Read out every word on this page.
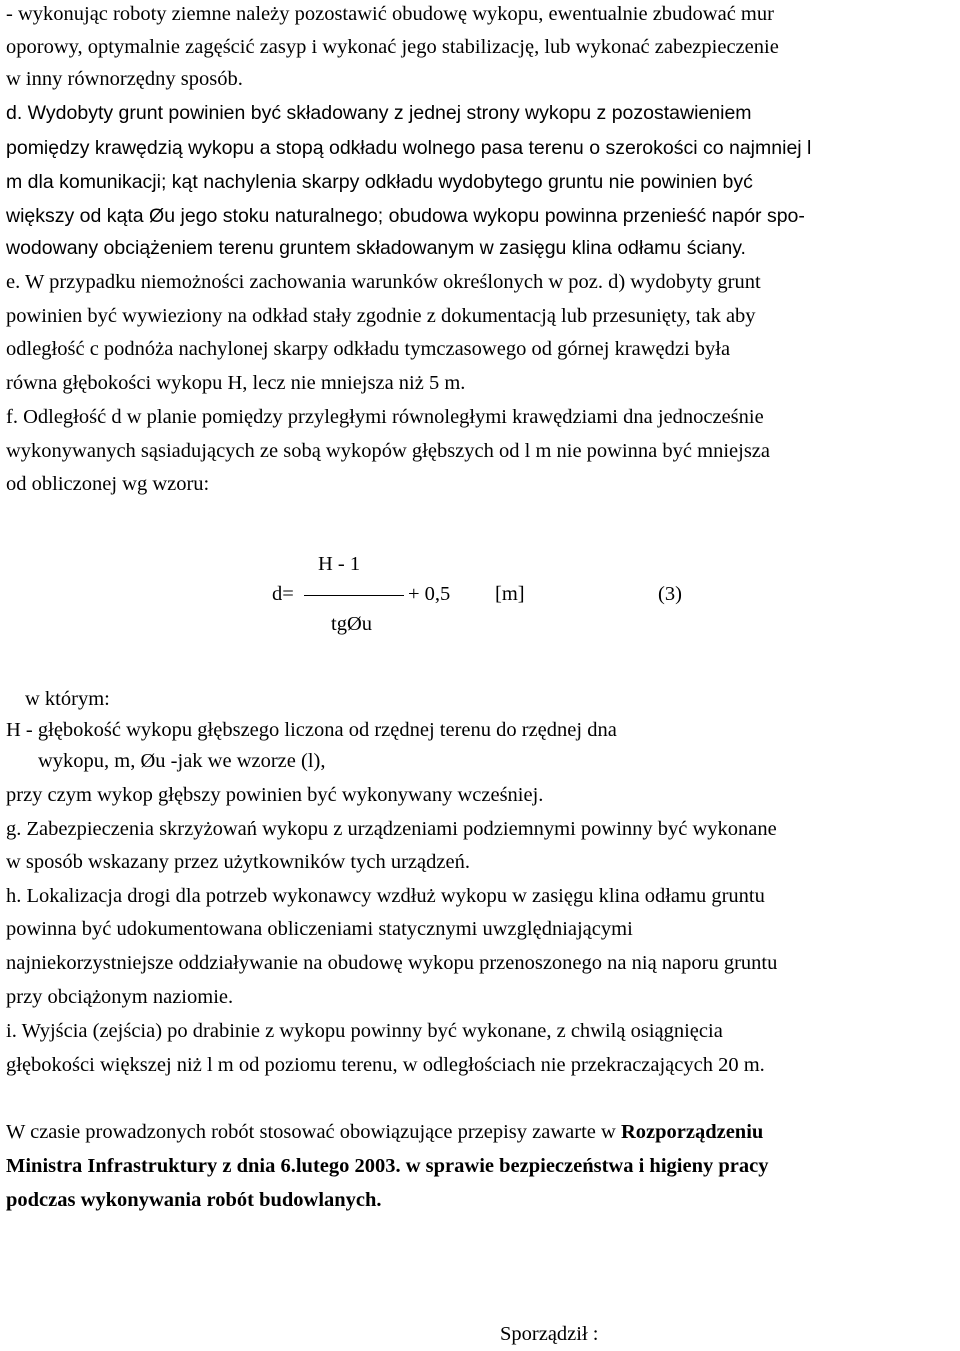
- wykonując roboty ziemne należy pozostawić obudowę wykopu, ewentualnie zbudować mur
oporowy, optymalnie zagęścić zasyp i wykonać jego stabilizację, lub wykonać zabezpieczenie
w inny równorzędny sposób.
d. Wydobyty grunt powinien być składowany z jednej strony wykopu z pozostawieniem
pomiędzy krawędzią wykopu a stopą odkładu wolnego pasa terenu o szerokości co najmniej l
m dla komunikacji; kąt nachylenia skarpy odkładu wydobytego gruntu nie powinien być
większy od kąta Øu jego stoku naturalnego; obudowa wykopu powinna przenieść napór spo-
wodowany obciążeniem terenu gruntem składowanym w zasięgu klina odłamu ściany.
e. W przypadku niemożności zachowania warunków określonych w poz. d) wydobyty grunt
powinien być wywieziony na odkład stały zgodnie z dokumentacją lub przesunięty, tak aby
odległość c podnóża nachylonej skarpy odkładu tymczasowego od górnej krawędzi była
równa głębokości wykopu H, lecz nie mniejsza niż 5 m.
f. Odległość d w planie pomiędzy przyległymi równoległymi krawędziami dna jednocześnie
wykonywanych sąsiadujących ze sobą wykopów głębszych od l m nie powinna być mniejsza
od obliczonej wg wzoru:
H - 1
d=	+ 0,5 [m]	(3)
tgØu
w którym:
H - głębokość wykopu głębszego liczona od rzędnej terenu do rzędnej dna
wykopu, m, Øu -jak we wzorze (l),
przy czym wykop głębszy powinien być wykonywany wcześniej.
g. Zabezpieczenia skrzyżowań wykopu z urządzeniami podziemnymi powinny być wykonane
w sposób wskazany przez użytkowników tych urządzeń.
h. Lokalizacja drogi dla potrzeb wykonawcy wzdłuż wykopu w zasięgu klina odłamu gruntu
powinna być udokumentowana obliczeniami statycznymi uwzględniającymi
najniekorzystniejsze oddziaływanie na obudowę wykopu przenoszonego na nią naporu gruntu
przy obciążonym naziomie.
i. Wyjścia (zejścia) po drabinie z wykopu powinny być wykonane, z chwilą osiągnięcia
głębokości większej niż l m od poziomu terenu, w odległościach nie przekraczających 20 m.
W czasie prowadzonych robót stosować obowiązujące przepisy zawarte w Rozporządzeniu
Ministra Infrastruktury z dnia 6.lutego 2003. w sprawie bezpieczeństwa i higieny pracy
podczas wykonywania robót budowlanych.
Sporządził :
